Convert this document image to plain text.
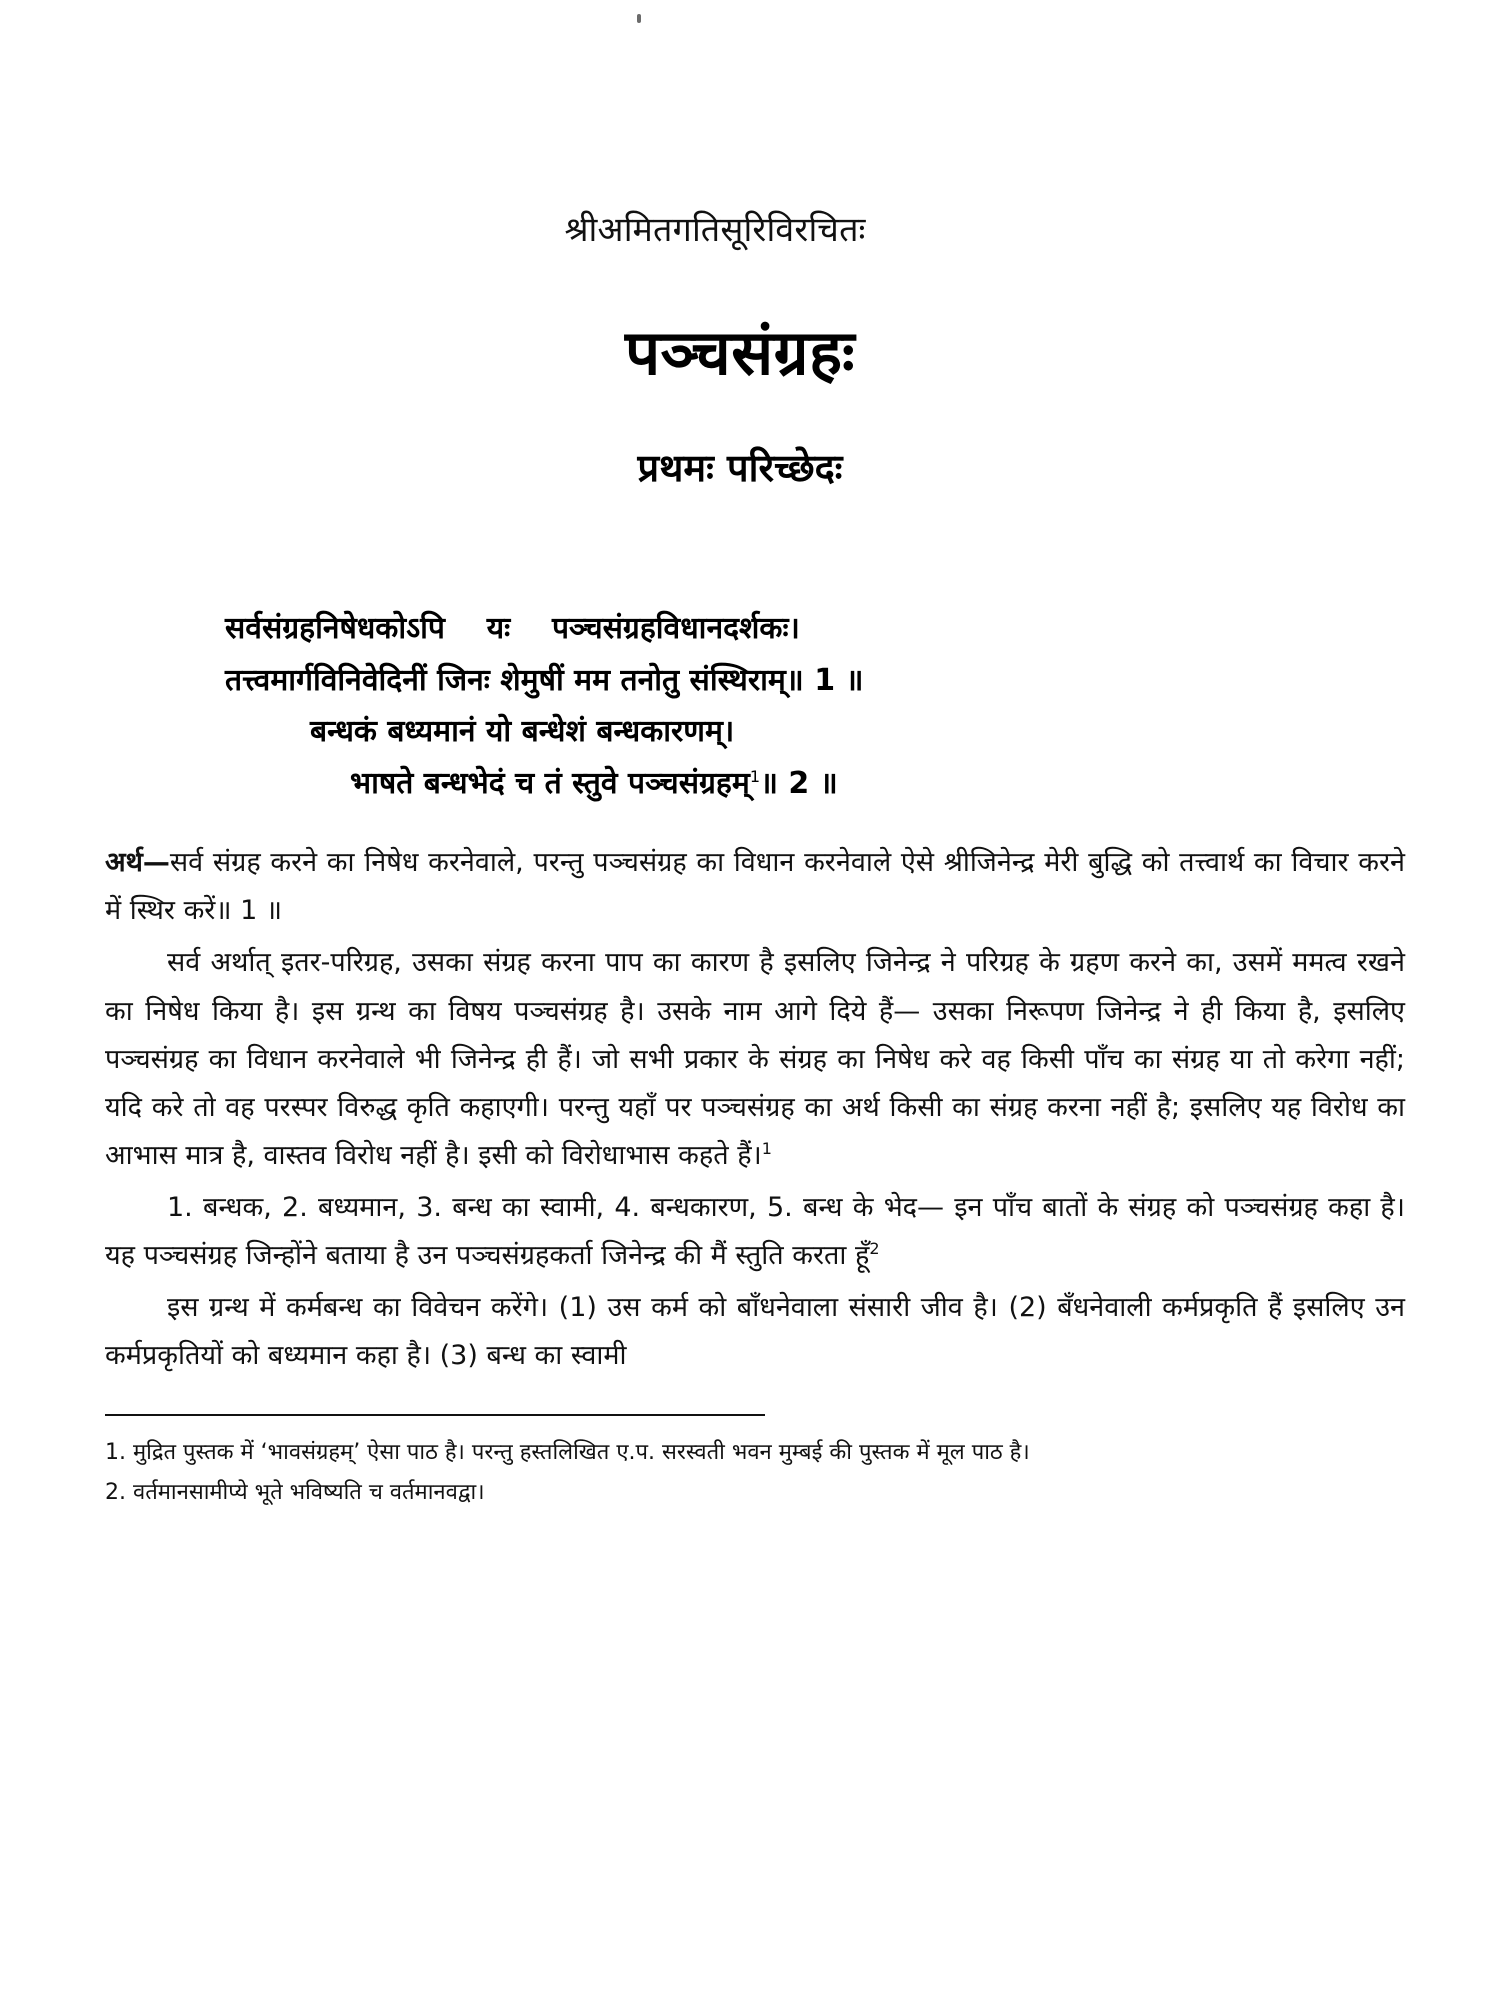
श्रीअमितगतिसूरिविरचितः
पञ्चसंग्रहः
प्रथमः परिच्छेदः
सर्वसंग्रहनिषेधकोऽपि    यः    पञ्चसंग्रहविधानदर्शकः।
तत्त्वमार्गविनिवेदिनीं जिनः शेमुषीं मम तनोतु संस्थिराम्॥ 1 ॥
बन्धकं बध्यमानं यो बन्धेशं बन्धकारणम्।
भाषते बन्धभेदं च तं स्तुवे पञ्चसंग्रहम्$^1$॥ 2 ॥

अर्थ—सर्व संग्रह करने का निषेध करनेवाले, परन्तु पञ्चसंग्रह का विधान करनेवाले ऐसे श्रीजिनेन्द्र मेरी बुद्धि को तत्त्वार्थ का विचार करने में स्थिर करें॥ 1 ॥

सर्व अर्थात् इतर-परिग्रह, उसका संग्रह करना पाप का कारण है इसलिए जिनेन्द्र ने परिग्रह के ग्रहण करने का, उसमें ममत्व रखने का निषेध किया है। इस ग्रन्थ का विषय पञ्चसंग्रह है। उसके नाम आगे दिये हैं— उसका निरूपण जिनेन्द्र ने ही किया है, इसलिए पञ्चसंग्रह का विधान करनेवाले भी जिनेन्द्र ही हैं। जो सभी प्रकार के संग्रह का निषेध करे वह किसी पाँच का संग्रह या तो करेगा नहीं; यदि करे तो वह परस्पर विरुद्ध कृति कहाएगी। परन्तु यहाँ पर पञ्चसंग्रह का अर्थ किसी का संग्रह करना नहीं है; इसलिए यह विरोध का आभास मात्र है, वास्तव विरोध नहीं है। इसी को विरोधाभास कहते हैं।$^1$

1. बन्धक, 2. बध्यमान, 3. बन्ध का स्वामी, 4. बन्धकारण, 5. बन्ध के भेद— इन पाँच बातों के संग्रह को पञ्चसंग्रह कहा है। यह पञ्चसंग्रह जिन्होंने बताया है उन पञ्चसंग्रहकर्ता जिनेन्द्र की मैं स्तुति करता हूँ$^2$

इस ग्रन्थ में कर्मबन्ध का विवेचन करेंगे। (1) उस कर्म को बाँधनेवाला संसारी जीव है। (2) बँधनेवाली कर्मप्रकृति हैं इसलिए उन कर्मप्रकृतियों को बध्यमान कहा है। (3) बन्ध का स्वामी

1. मुद्रित पुस्तक में ‘भावसंग्रहम्’ ऐसा पाठ है। परन्तु हस्तलिखित ए.प. सरस्वती भवन मुम्बई की पुस्तक में मूल पाठ है।
2. वर्तमानसामीप्ये भूते भविष्यति च वर्तमानवद्वा।
